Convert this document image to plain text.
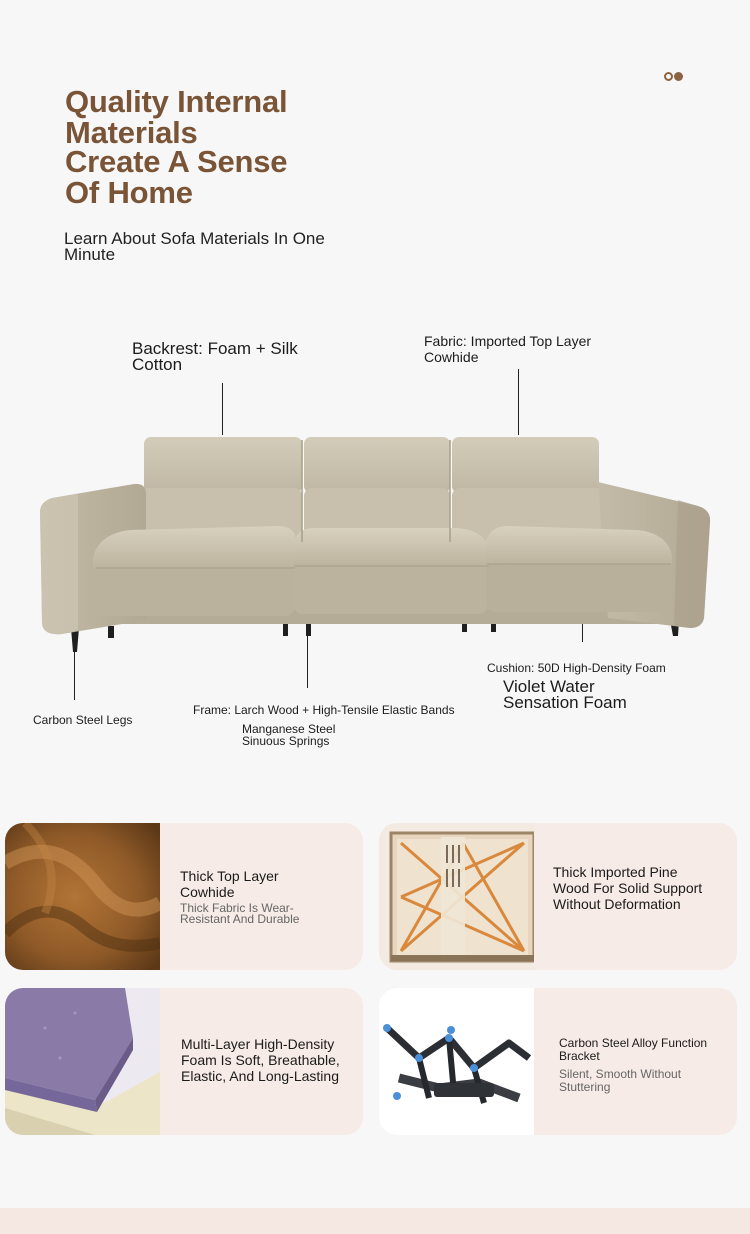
Quality Internal
Materials
Create A Sense
Of Home
Learn About Sofa Materials In One Minute
Backrest: Foam + Silk Cotton
Fabric: Imported Top Layer Cowhide
Carbon Steel Legs
Frame: Larch Wood + High-Tensile Elastic Bands
Manganese Steel Sinuous Springs
Cushion: 50D High-Density Foam
Violet Water Sensation Foam
Thick Top Layer Cowhide
Thick Fabric Is Wear-Resistant And Durable
Thick Imported Pine Wood For Solid Support Without Deformation
Multi-Layer High-Density Foam Is Soft, Breathable, Elastic, And Long-Lasting
Carbon Steel Alloy Function Bracket
Silent, Smooth Without Stuttering
